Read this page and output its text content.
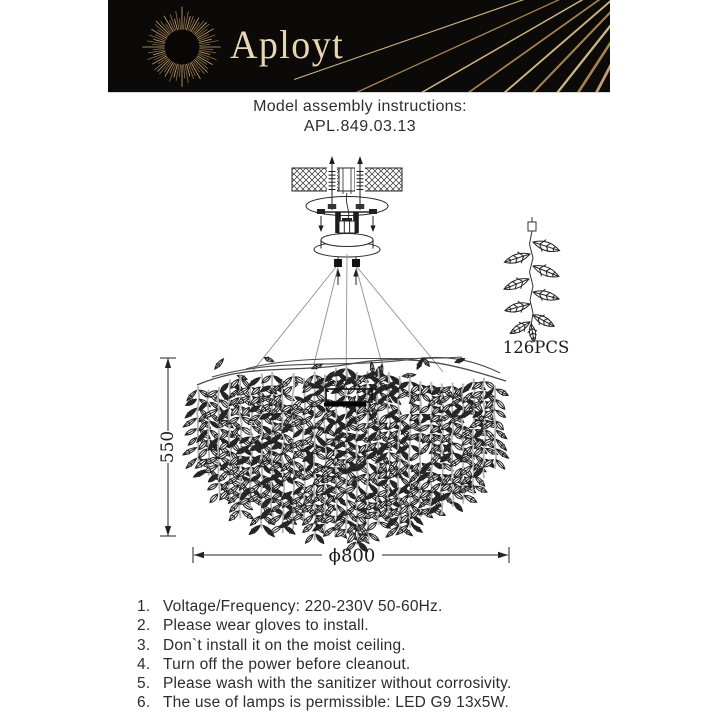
Aployt
Model assembly instructions:
APL.849.03.13
550
ϕ800
126PCS
1. Voltage/Frequency: 220-230V 50-60Hz.
2. Please wear gloves to install.
3. Don`t install it on the moist ceiling.
4. Turn off the power before cleanout.
5. Please wash with the sanitizer without corrosivity.
6. The use of lamps is permissible: LED G9 13x5W.
